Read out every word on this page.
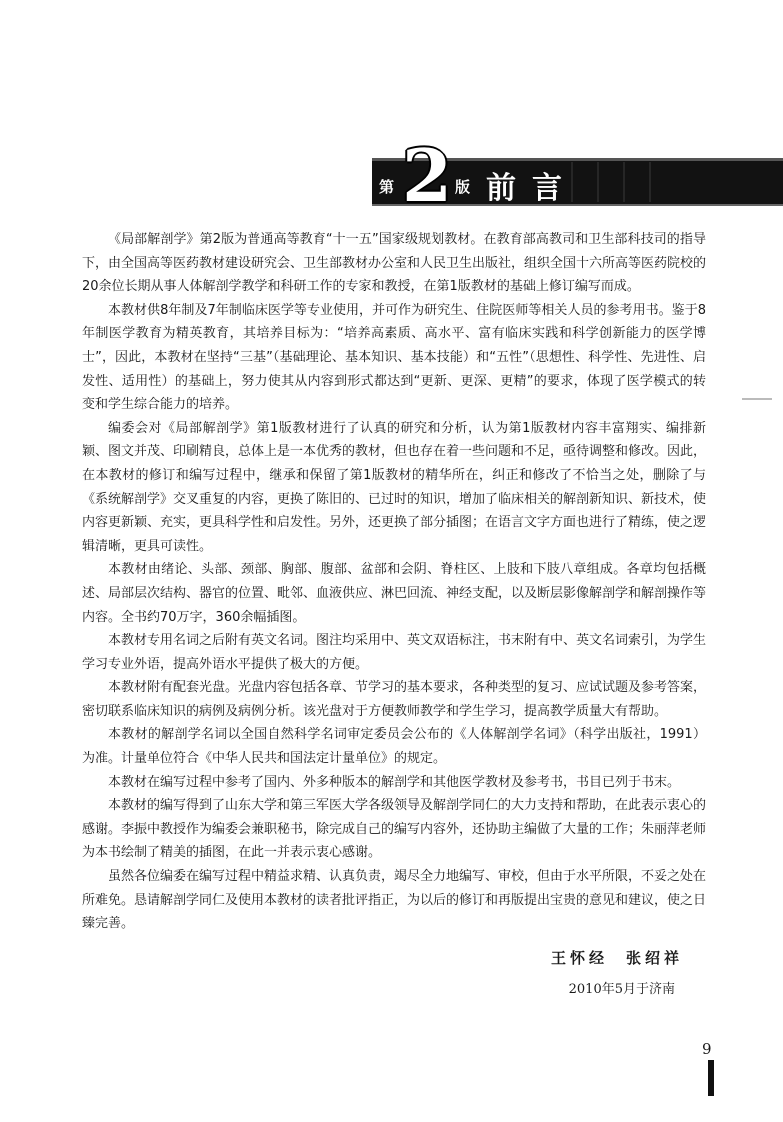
第 2 版 前言

《局部解剖学》第2版为普通高等教育“十一五”国家级规划教材。在教育部高教司和卫生部科技司的指导下，由全国高等医药教材建设研究会、卫生部教材办公室和人民卫生出版社，组织全国十六所高等医药院校的20余位长期从事人体解剖学教学和科研工作的专家和教授，在第1版教材的基础上修订编写而成。

本教材供8年制及7年制临床医学等专业使用，并可作为研究生、住院医师等相关人员的参考用书。鉴于8年制医学教育为精英教育，其培养目标为：“培养高素质、高水平、富有临床实践和科学创新能力的医学博士”，因此，本教材在坚持“三基”（基础理论、基本知识、基本技能）和“五性”（思想性、科学性、先进性、启发性、适用性）的基础上，努力使其从内容到形式都达到“更新、更深、更精”的要求，体现了医学模式的转变和学生综合能力的培养。

编委会对《局部解剖学》第1版教材进行了认真的研究和分析，认为第1版教材内容丰富翔实、编排新颖、图文并茂、印刷精良，总体上是一本优秀的教材，但也存在着一些问题和不足，亟待调整和修改。因此，在本教材的修订和编写过程中，继承和保留了第1版教材的精华所在，纠正和修改了不恰当之处，删除了与《系统解剖学》交叉重复的内容，更换了陈旧的、已过时的知识，增加了临床相关的解剖新知识、新技术，使内容更新颖、充实，更具科学性和启发性。另外，还更换了部分插图；在语言文字方面也进行了精练，使之逻辑清晰，更具可读性。

本教材由绪论、头部、颈部、胸部、腹部、盆部和会阴、脊柱区、上肢和下肢八章组成。各章均包括概述、局部层次结构、器官的位置、毗邻、血液供应、淋巴回流、神经支配，以及断层影像解剖学和解剖操作等内容。全书约70万字，360余幅插图。

本教材专用名词之后附有英文名词。图注均采用中、英文双语标注，书末附有中、英文名词索引，为学生学习专业外语，提高外语水平提供了极大的方便。

本教材附有配套光盘。光盘内容包括各章、节学习的基本要求，各种类型的复习、应试试题及参考答案，密切联系临床知识的病例及病例分析。该光盘对于方便教师教学和学生学习，提高教学质量大有帮助。

本教材的解剖学名词以全国自然科学名词审定委员会公布的《人体解剖学名词》（科学出版社，1991）为准。计量单位符合《中华人民共和国法定计量单位》的规定。

本教材在编写过程中参考了国内、外多种版本的解剖学和其他医学教材及参考书，书目已列于书末。

本教材的编写得到了山东大学和第三军医大学各级领导及解剖学同仁的大力支持和帮助，在此表示衷心的感谢。李振中教授作为编委会兼职秘书，除完成自己的编写内容外，还协助主编做了大量的工作；朱丽萍老师为本书绘制了精美的插图，在此一并表示衷心感谢。

虽然各位编委在编写过程中精益求精、认真负责，竭尽全力地编写、审校，但由于水平所限，不妥之处在所难免。恳请解剖学同仁及使用本教材的读者批评指正，为以后的修订和再版提出宝贵的意见和建议，使之日臻完善。

王怀经 张绍祥
2010年5月于济南
9
